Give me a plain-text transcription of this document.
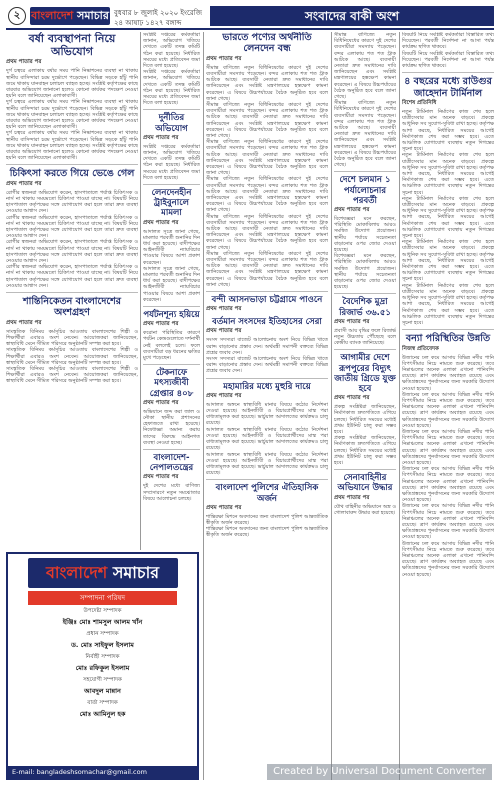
২ বাংলাদেশ সমাচার বুধবার ৮ জুলাই ২০২০ ইংরেজি
২৪ আষাঢ় ১৪২৭ বঙ্গাব্দ	সংবাদের বাকী অংশ
বর্ষা ব্যবস্থাপনা নিয়ে অভিযোগ
প্রথম পাতার পর
দুর্গ চত্বরে এলাকায় বর্ষার সময় পানি নিষ্কাশনের ব্যবস্থা না থাকায় স্থানীয় বাসিন্দারা চরম দুর্ভোগে পড়েছেন। বিভিন্ন সড়কে হাঁটু পানি জমে থাকায় যানবাহন চলাচল ব্যাহত হচ্ছে। সংশ্লিষ্ট কর্তৃপক্ষের কাছে বারবার অভিযোগ জানানো হলেও কোনো কার্যকর পদক্ষেপ নেওয়া হয়নি বলে জানিয়েছেন এলাকাবাসী।
দুর্গ চত্বরে এলাকায় বর্ষার সময় পানি নিষ্কাশনের ব্যবস্থা না থাকায় স্থানীয় বাসিন্দারা চরম দুর্ভোগে পড়েছেন। বিভিন্ন সড়কে হাঁটু পানি জমে থাকায় যানবাহন চলাচল ব্যাহত হচ্ছে। সংশ্লিষ্ট কর্তৃপক্ষের কাছে বারবার অভিযোগ জানানো হলেও কোনো কার্যকর পদক্ষেপ নেওয়া হয়নি বলে জানিয়েছেন এলাকাবাসী।
দুর্গ চত্বরে এলাকায় বর্ষার সময় পানি নিষ্কাশনের ব্যবস্থা না থাকায় স্থানীয় বাসিন্দারা চরম দুর্ভোগে পড়েছেন। বিভিন্ন সড়কে হাঁটু পানি জমে থাকায় যানবাহন চলাচল ব্যাহত হচ্ছে। সংশ্লিষ্ট কর্তৃপক্ষের কাছে বারবার অভিযোগ জানানো হলেও কোনো কার্যকর পদক্ষেপ নেওয়া হয়নি বলে জানিয়েছেন এলাকাবাসী।
চিকিৎসা করতে গিয়ে ভেঙে গেল
প্রথম পাতার পর
রোগীর স্বজনরা অভিযোগ করেন, হাসপাতালে পর্যাপ্ত চিকিৎসক ও নার্স না থাকায় সময়মতো চিকিৎসা পাওয়া যাচ্ছে না। বিষয়টি নিয়ে হাসপাতাল কর্তৃপক্ষের সঙ্গে যোগাযোগ করা হলে তারা দ্রুত ব্যবস্থা নেওয়ার আশ্বাস দেন।
রোগীর স্বজনরা অভিযোগ করেন, হাসপাতালে পর্যাপ্ত চিকিৎসক ও নার্স না থাকায় সময়মতো চিকিৎসা পাওয়া যাচ্ছে না। বিষয়টি নিয়ে হাসপাতাল কর্তৃপক্ষের সঙ্গে যোগাযোগ করা হলে তারা দ্রুত ব্যবস্থা নেওয়ার আশ্বাস দেন।
রোগীর স্বজনরা অভিযোগ করেন, হাসপাতালে পর্যাপ্ত চিকিৎসক ও নার্স না থাকায় সময়মতো চিকিৎসা পাওয়া যাচ্ছে না। বিষয়টি নিয়ে হাসপাতাল কর্তৃপক্ষের সঙ্গে যোগাযোগ করা হলে তারা দ্রুত ব্যবস্থা নেওয়ার আশ্বাস দেন।
রোগীর স্বজনরা অভিযোগ করেন, হাসপাতালে পর্যাপ্ত চিকিৎসক ও নার্স না থাকায় সময়মতো চিকিৎসা পাওয়া যাচ্ছে না। বিষয়টি নিয়ে হাসপাতাল কর্তৃপক্ষের সঙ্গে যোগাযোগ করা হলে তারা দ্রুত ব্যবস্থা নেওয়ার আশ্বাস দেন।
শান্তিনিকেতন বাংলাদেশের অংশগ্রহণ
প্রথম পাতার পর
সাংস্কৃতিক বিনিময় কর্মসূচির আওতায় বাংলাদেশের শিল্পী ও শিক্ষার্থীরা এবারও অংশ নেবেন। আয়োজকরা জানিয়েছেন, স্বাস্থ্যবিধি মেনে সীমিত পরিসরে অনুষ্ঠানটি সম্পন্ন করা হবে।
সাংস্কৃতিক বিনিময় কর্মসূচির আওতায় বাংলাদেশের শিল্পী ও শিক্ষার্থীরা এবারও অংশ নেবেন। আয়োজকরা জানিয়েছেন, স্বাস্থ্যবিধি মেনে সীমিত পরিসরে অনুষ্ঠানটি সম্পন্ন করা হবে।
সাংস্কৃতিক বিনিময় কর্মসূচির আওতায় বাংলাদেশের শিল্পী ও শিক্ষার্থীরা এবারও অংশ নেবেন। আয়োজকরা জানিয়েছেন, স্বাস্থ্যবিধি মেনে সীমিত পরিসরে অনুষ্ঠানটি সম্পন্ন করা হবে।
সংশ্লিষ্ট দপ্তরের কর্মকর্তারা জানান, অভিযোগ খতিয়ে দেখতে একটি তদন্ত কমিটি গঠন করা হয়েছে। নির্ধারিত সময়ের মধ্যে প্রতিবেদন জমা দিতে বলা হয়েছে।
সংশ্লিষ্ট দপ্তরের কর্মকর্তারা জানান, অভিযোগ খতিয়ে দেখতে একটি তদন্ত কমিটি গঠন করা হয়েছে। নির্ধারিত সময়ের মধ্যে প্রতিবেদন জমা দিতে বলা হয়েছে।
দুর্নীতির অভিযোগ
প্রথম পাতার পর
সংশ্লিষ্ট দপ্তরের কর্মকর্তারা জানান, অভিযোগ খতিয়ে দেখতে একটি তদন্ত কমিটি গঠন করা হয়েছে। নির্ধারিত সময়ের মধ্যে প্রতিবেদন জমা দিতে বলা হয়েছে।
লেনদেনহীন ট্রাইবুনালে মামলা
প্রথম পাতার পর
আদালত সূত্রে জানা গেছে, মামলার পরবর্তী শুনানির দিন ধার্য করা হয়েছে। বাদীপক্ষের আইনজীবী ন্যায়বিচার পাওয়ার বিষয়ে আশা প্রকাশ করেছেন।
আদালত সূত্রে জানা গেছে, মামলার পরবর্তী শুনানির দিন ধার্য করা হয়েছে। বাদীপক্ষের আইনজীবী ন্যায়বিচার পাওয়ার বিষয়ে আশা প্রকাশ করেছেন।
পর্যটনশূন্য হয়িয়ে
প্রথম পাতার পর
করোনা পরিস্থিতির কারণে পর্যটন কেন্দ্রগুলোতে দর্শনার্থী নেই বললেই চলে। ফলে ব্যবসায়ীরা বড় ধরনের ক্ষতির মুখে পড়েছেন।
টেকনাফে মৎস্যজীবী গ্রেপ্তার ৪০৮
প্রথম পাতার পর
অভিযানে জব্দ করা জাল ও নৌকা স্থানীয় প্রশাসনের হেফাজতে রাখা হয়েছে। নিষেধাজ্ঞা অমান্য করায় তাদের বিরুদ্ধে আইনগত ব্যবস্থা নেওয়া হচ্ছে।
বাংলাদেশ-নেপালতন্ত্রের
প্রথম পাতার পর
দুই দেশের মধ্যে বাণিজ্য সম্প্রসারণে নতুন সমঝোতার বিষয়ে আলোচনা চলছে।
বাংলাদেশ সমাচার
সম্পাদনা পরিষদ
উপদেষ্টা সম্পাদক
ইঞ্জিঃ মোঃ শামসুল আলম খাঁন
প্রধান সম্পাদক
ড. মোঃ সাইফুল ইসলাম
নির্বাহী সম্পাদক
মোঃ রফিকুল ইসলাম
সহযোগী সম্পাদক
আবদুল মান্নান
বার্তা সম্পাদক
মোঃ আমিনুল হক
E-mail: bangladeshsomachar@gmail.com
ভারতে পণ্যের অর্থনীতি লেনদেন বন্ধ
প্রথম পাতার পর
সীমান্ত বাণিজ্যে নতুন বিধিনিষেধের কারণে দুই দেশের ব্যবসায়ীরা সমস্যায় পড়েছেন। বন্দর এলাকায় শত শত ট্রাক আটকে আছে। ব্যবসায়ী নেতারা দ্রুত সমাধানের দাবি জানিয়েছেন এবং সংশ্লিষ্ট মন্ত্রণালয়ের হস্তক্ষেপ কামনা করেছেন। এ বিষয়ে উচ্চপর্যায়ের বৈঠক অনুষ্ঠিত হবে বলে জানা গেছে।
সীমান্ত বাণিজ্যে নতুন বিধিনিষেধের কারণে দুই দেশের ব্যবসায়ীরা সমস্যায় পড়েছেন। বন্দর এলাকায় শত শত ট্রাক আটকে আছে। ব্যবসায়ী নেতারা দ্রুত সমাধানের দাবি জানিয়েছেন এবং সংশ্লিষ্ট মন্ত্রণালয়ের হস্তক্ষেপ কামনা করেছেন। এ বিষয়ে উচ্চপর্যায়ের বৈঠক অনুষ্ঠিত হবে বলে জানা গেছে।
সীমান্ত বাণিজ্যে নতুন বিধিনিষেধের কারণে দুই দেশের ব্যবসায়ীরা সমস্যায় পড়েছেন। বন্দর এলাকায় শত শত ট্রাক আটকে আছে। ব্যবসায়ী নেতারা দ্রুত সমাধানের দাবি জানিয়েছেন এবং সংশ্লিষ্ট মন্ত্রণালয়ের হস্তক্ষেপ কামনা করেছেন। এ বিষয়ে উচ্চপর্যায়ের বৈঠক অনুষ্ঠিত হবে বলে জানা গেছে।
সীমান্ত বাণিজ্যে নতুন বিধিনিষেধের কারণে দুই দেশের ব্যবসায়ীরা সমস্যায় পড়েছেন। বন্দর এলাকায় শত শত ট্রাক আটকে আছে। ব্যবসায়ী নেতারা দ্রুত সমাধানের দাবি জানিয়েছেন এবং সংশ্লিষ্ট মন্ত্রণালয়ের হস্তক্ষেপ কামনা করেছেন। এ বিষয়ে উচ্চপর্যায়ের বৈঠক অনুষ্ঠিত হবে বলে জানা গেছে।
সীমান্ত বাণিজ্যে নতুন বিধিনিষেধের কারণে দুই দেশের ব্যবসায়ীরা সমস্যায় পড়েছেন। বন্দর এলাকায় শত শত ট্রাক আটকে আছে। ব্যবসায়ী নেতারা দ্রুত সমাধানের দাবি জানিয়েছেন এবং সংশ্লিষ্ট মন্ত্রণালয়ের হস্তক্ষেপ কামনা করেছেন। এ বিষয়ে উচ্চপর্যায়ের বৈঠক অনুষ্ঠিত হবে বলে জানা গেছে।
সীমান্ত বাণিজ্যে নতুন বিধিনিষেধের কারণে দুই দেশের ব্যবসায়ীরা সমস্যায় পড়েছেন। বন্দর এলাকায় শত শত ট্রাক আটকে আছে। ব্যবসায়ী নেতারা দ্রুত সমাধানের দাবি জানিয়েছেন এবং সংশ্লিষ্ট মন্ত্রণালয়ের হস্তক্ষেপ কামনা করেছেন। এ বিষয়ে উচ্চপর্যায়ের বৈঠক অনুষ্ঠিত হবে বলে জানা গেছে।
বন্দী আসনভাড়া চট্টগ্রামে পাওনে
প্রথম পাতার পর
বর্তমান সংসদের ইতিহাসের সেরা
প্রথম পাতার পর
সংসদ সদস্যরা বাজেট আলোচনায় অংশ নিয়ে বিভিন্ন খাতে বরাদ্দ বাড়ানোর প্রস্তাব দেন। অর্থমন্ত্রী সমাপনী বক্তব্যে বিভিন্ন প্রশ্নের জবাব দেন।
সংসদ সদস্যরা বাজেট আলোচনায় অংশ নিয়ে বিভিন্ন খাতে বরাদ্দ বাড়ানোর প্রস্তাব দেন। অর্থমন্ত্রী সমাপনী বক্তব্যে বিভিন্ন প্রশ্নের জবাব দেন।
মহামারির মধ্যে মুহুরি দায়ে
প্রথম পাতার পর
আদালত অঙ্গনে স্বাস্থ্যবিধি মানার বিষয়ে কঠোর নির্দেশনা দেওয়া হয়েছে। আইনজীবী ও বিচারপ্রার্থীদের মাস্ক পরা বাধ্যতামূলক করা হয়েছে। ভার্চুয়াল আদালতের কার্যক্রমও চালু রয়েছে।
আদালত অঙ্গনে স্বাস্থ্যবিধি মানার বিষয়ে কঠোর নির্দেশনা দেওয়া হয়েছে। আইনজীবী ও বিচারপ্রার্থীদের মাস্ক পরা বাধ্যতামূলক করা হয়েছে। ভার্চুয়াল আদালতের কার্যক্রমও চালু রয়েছে।
আদালত অঙ্গনে স্বাস্থ্যবিধি মানার বিষয়ে কঠোর নির্দেশনা দেওয়া হয়েছে। আইনজীবী ও বিচারপ্রার্থীদের মাস্ক পরা বাধ্যতামূলক করা হয়েছে। ভার্চুয়াল আদালতের কার্যক্রমও চালু রয়েছে।
বাংলাদেশ পুলিশের ঐতিহাসিক অর্জন
প্রথম পাতার পর
শান্তিরক্ষা মিশনে অবদানের জন্য বাংলাদেশ পুলিশ আন্তর্জাতিক স্বীকৃতি অর্জন করেছে।
শান্তিরক্ষা মিশনে অবদানের জন্য বাংলাদেশ পুলিশ আন্তর্জাতিক স্বীকৃতি অর্জন করেছে।
সীমান্ত বাণিজ্যে নতুন বিধিনিষেধের কারণে দুই দেশের ব্যবসায়ীরা সমস্যায় পড়েছেন। বন্দর এলাকায় শত শত ট্রাক আটকে আছে। ব্যবসায়ী নেতারা দ্রুত সমাধানের দাবি জানিয়েছেন এবং সংশ্লিষ্ট মন্ত্রণালয়ের হস্তক্ষেপ কামনা করেছেন। এ বিষয়ে উচ্চপর্যায়ের বৈঠক অনুষ্ঠিত হবে বলে জানা গেছে।
সীমান্ত বাণিজ্যে নতুন বিধিনিষেধের কারণে দুই দেশের ব্যবসায়ীরা সমস্যায় পড়েছেন। বন্দর এলাকায় শত শত ট্রাক আটকে আছে। ব্যবসায়ী নেতারা দ্রুত সমাধানের দাবি জানিয়েছেন এবং সংশ্লিষ্ট মন্ত্রণালয়ের হস্তক্ষেপ কামনা করেছেন। এ বিষয়ে উচ্চপর্যায়ের বৈঠক অনুষ্ঠিত হবে বলে জানা গেছে।
দেশে চলমান ১ পর্যালোচনার পরবর্তী
প্রথম পাতার পর
বিশেষজ্ঞরা মনে করছেন, পরিস্থিতি মোকাবিলায় আরও সমন্বিত উদ্যোগ প্রয়োজন। স্থানীয় পর্যায়ে সচেতনতা বাড়ানোর ওপর জোর দেওয়া হয়েছে।
বিশেষজ্ঞরা মনে করছেন, পরিস্থিতি মোকাবিলায় আরও সমন্বিত উদ্যোগ প্রয়োজন। স্থানীয় পর্যায়ে সচেতনতা বাড়ানোর ওপর জোর দেওয়া হয়েছে।
বৈদেশিক মুদ্রা রিজার্ভ ৩৬.৫১
প্রথম পাতার পর
প্রবাসী আয় বৃদ্ধির ফলে রিজার্ভ নতুন উচ্চতায় পৌঁছেছে বলে কেন্দ্রীয় ব্যাংক জানিয়েছে।
আগামীর দেশে রূপপুরের বিদ্যুৎ জাতীয় গ্রিডে যুক্ত হবে
প্রথম পাতার পর
প্রকল্প সংশ্লিষ্টরা জানিয়েছেন, নির্মাণকাজ দ্রুতগতিতে এগিয়ে চলছে। নির্ধারিত সময়ের মধ্যেই প্রথম ইউনিট চালু করা সম্ভব হবে।
প্রকল্প সংশ্লিষ্টরা জানিয়েছেন, নির্মাণকাজ দ্রুতগতিতে এগিয়ে চলছে। নির্ধারিত সময়ের মধ্যেই প্রথম ইউনিট চালু করা সম্ভব হবে।
সেনাবাহিনীর অভিযানে উদ্ধার
প্রথম পাতার পর
যৌথ বাহিনীর অভিযানে অস্ত্র ও গোলাবারুদ উদ্ধার করা হয়েছে।
বিষয়টি নিয়ে সংশ্লিষ্ট কর্মকর্তারা বিস্তারিত তথ্য দিয়েছেন। পরবর্তী নির্দেশনা না আসা পর্যন্ত কার্যক্রম স্থগিত থাকবে।
বিষয়টি নিয়ে সংশ্লিষ্ট কর্মকর্তারা বিস্তারিত তথ্য দিয়েছেন। পরবর্তী নির্দেশনা না আসা পর্যন্ত কার্যক্রম স্থগিত থাকবে।
৪ বছরের মধ্যে রাউগুর জাহেদান টার্মিনাল
বিশেষ প্রতিনিধি
নতুন টার্মিনাল নির্মাণের কাজ শেষ হলে যাত্রীসেবার মান অনেক বাড়বে। প্রকল্পে আধুনিক সব সুযোগ-সুবিধা রাখা হচ্ছে। কর্তৃপক্ষ আশা করছে, নির্ধারিত সময়ের আগেই নির্মাণকাজ শেষ করা সম্ভব হবে। এতে আঞ্চলিক যোগাযোগ ব্যবস্থায় নতুন দিগন্তের সূচনা হবে।
নতুন টার্মিনাল নির্মাণের কাজ শেষ হলে যাত্রীসেবার মান অনেক বাড়বে। প্রকল্পে আধুনিক সব সুযোগ-সুবিধা রাখা হচ্ছে। কর্তৃপক্ষ আশা করছে, নির্ধারিত সময়ের আগেই নির্মাণকাজ শেষ করা সম্ভব হবে। এতে আঞ্চলিক যোগাযোগ ব্যবস্থায় নতুন দিগন্তের সূচনা হবে।
নতুন টার্মিনাল নির্মাণের কাজ শেষ হলে যাত্রীসেবার মান অনেক বাড়বে। প্রকল্পে আধুনিক সব সুযোগ-সুবিধা রাখা হচ্ছে। কর্তৃপক্ষ আশা করছে, নির্ধারিত সময়ের আগেই নির্মাণকাজ শেষ করা সম্ভব হবে। এতে আঞ্চলিক যোগাযোগ ব্যবস্থায় নতুন দিগন্তের সূচনা হবে।
নতুন টার্মিনাল নির্মাণের কাজ শেষ হলে যাত্রীসেবার মান অনেক বাড়বে। প্রকল্পে আধুনিক সব সুযোগ-সুবিধা রাখা হচ্ছে। কর্তৃপক্ষ আশা করছে, নির্ধারিত সময়ের আগেই নির্মাণকাজ শেষ করা সম্ভব হবে। এতে আঞ্চলিক যোগাযোগ ব্যবস্থায় নতুন দিগন্তের সূচনা হবে।
নতুন টার্মিনাল নির্মাণের কাজ শেষ হলে যাত্রীসেবার মান অনেক বাড়বে। প্রকল্পে আধুনিক সব সুযোগ-সুবিধা রাখা হচ্ছে। কর্তৃপক্ষ আশা করছে, নির্ধারিত সময়ের আগেই নির্মাণকাজ শেষ করা সম্ভব হবে। এতে আঞ্চলিক যোগাযোগ ব্যবস্থায় নতুন দিগন্তের সূচনা হবে।
বন্যা পরিস্থিতির উন্নতি
নিজস্ব প্রতিবেদক
উজানের ঢল কমে আসায় বিভিন্ন নদীর পানি বিপৎসীমার নিচে নামতে শুরু করেছে। তবে নিম্নাঞ্চলের অনেক এলাকা এখনো পানিবন্দি রয়েছে। ত্রাণ কার্যক্রম অব্যাহত রয়েছে এবং ক্ষতিগ্রস্তদের পুনর্বাসনের জন্য সরকারি উদ্যোগ নেওয়া হয়েছে।
উজানের ঢল কমে আসায় বিভিন্ন নদীর পানি বিপৎসীমার নিচে নামতে শুরু করেছে। তবে নিম্নাঞ্চলের অনেক এলাকা এখনো পানিবন্দি রয়েছে। ত্রাণ কার্যক্রম অব্যাহত রয়েছে এবং ক্ষতিগ্রস্তদের পুনর্বাসনের জন্য সরকারি উদ্যোগ নেওয়া হয়েছে।
উজানের ঢল কমে আসায় বিভিন্ন নদীর পানি বিপৎসীমার নিচে নামতে শুরু করেছে। তবে নিম্নাঞ্চলের অনেক এলাকা এখনো পানিবন্দি রয়েছে। ত্রাণ কার্যক্রম অব্যাহত রয়েছে এবং ক্ষতিগ্রস্তদের পুনর্বাসনের জন্য সরকারি উদ্যোগ নেওয়া হয়েছে।
উজানের ঢল কমে আসায় বিভিন্ন নদীর পানি বিপৎসীমার নিচে নামতে শুরু করেছে। তবে নিম্নাঞ্চলের অনেক এলাকা এখনো পানিবন্দি রয়েছে। ত্রাণ কার্যক্রম অব্যাহত রয়েছে এবং ক্ষতিগ্রস্তদের পুনর্বাসনের জন্য সরকারি উদ্যোগ নেওয়া হয়েছে।
উজানের ঢল কমে আসায় বিভিন্ন নদীর পানি বিপৎসীমার নিচে নামতে শুরু করেছে। তবে নিম্নাঞ্চলের অনেক এলাকা এখনো পানিবন্দি রয়েছে। ত্রাণ কার্যক্রম অব্যাহত রয়েছে এবং ক্ষতিগ্রস্তদের পুনর্বাসনের জন্য সরকারি উদ্যোগ নেওয়া হয়েছে।
উজানের ঢল কমে আসায় বিভিন্ন নদীর পানি বিপৎসীমার নিচে নামতে শুরু করেছে। তবে নিম্নাঞ্চলের অনেক এলাকা এখনো পানিবন্দি রয়েছে। ত্রাণ কার্যক্রম অব্যাহত রয়েছে এবং ক্ষতিগ্রস্তদের পুনর্বাসনের জন্য সরকারি উদ্যোগ নেওয়া হয়েছে।
Created by Universal Document Converter
